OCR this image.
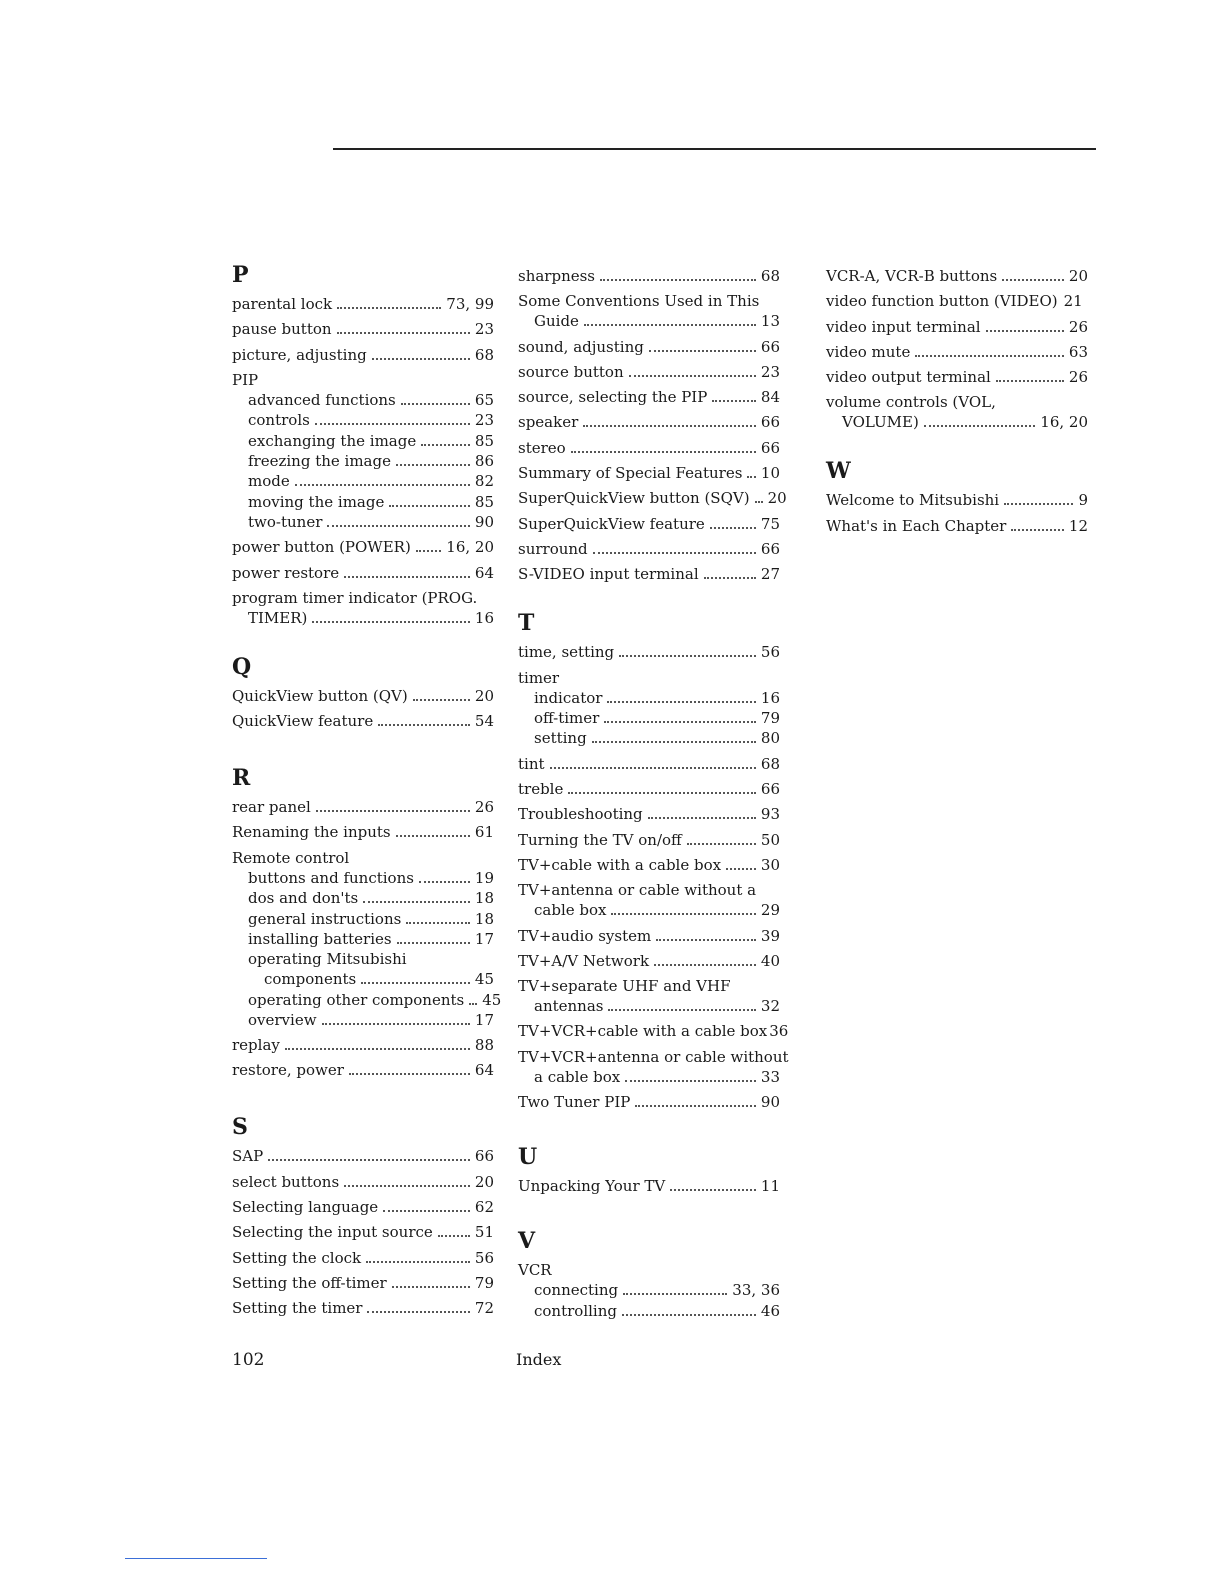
P
parental lock	73, 99
pause button	23
picture, adjusting	68
PIP
advanced functions	65
controls	23
exchanging the image	85
freezing the image	86
mode	82
moving the image	85
two-tuner	90
power button (POWER) 16, 20
power restore	64
program timer indicator (PROG.
TIMER)	16
Q
QuickView button (QV)	20
QuickView feature	54
R
rear panel	26
Renaming the inputs	61
Remote control
buttons and functions	19
dos and don'ts	18
general instructions	18
installing batteries	17
operating Mitsubishi
components	45
operating other components 45
overview	17
replay	88
restore, power	64
S
SAP	66
select buttons	20
Selecting language	62
Selecting the input source	51
Setting the clock	56
Setting the off-timer	79
Setting the timer	72
sharpness	68
Some Conventions Used in This
Guide	13
sound, adjusting	66
source button	23
source, selecting the PIP	84
speaker	66
stereo	66
Summary of Special Features 10
SuperQuickView button (SQV) 20
SuperQuickView feature	75
surround	66
S-VIDEO input terminal	27
T
time, setting	56
timer
indicator	16
off-timer	79
setting	80
tint	68
treble	66
Troubleshooting	93
Turning the TV on/off	50
TV+cable with a cable box	30
TV+antenna or cable without a
cable box	29
TV+audio system	39
TV+A/V Network	40
TV+separate UHF and VHF
antennas	32
TV+VCR+cable with a cable box 36
TV+VCR+antenna or cable without
a cable box	33
Two Tuner PIP	90
U
Unpacking Your TV	11
V
VCR
connecting	33, 36
controlling	46
VCR-A, VCR-B buttons	20
video function button (VIDEO) 21
video input terminal	26
video mute	63
video output terminal	26
volume controls (VOL,
VOLUME)	16, 20
W
Welcome to Mitsubishi	9
What's in Each Chapter	12
102	Index
